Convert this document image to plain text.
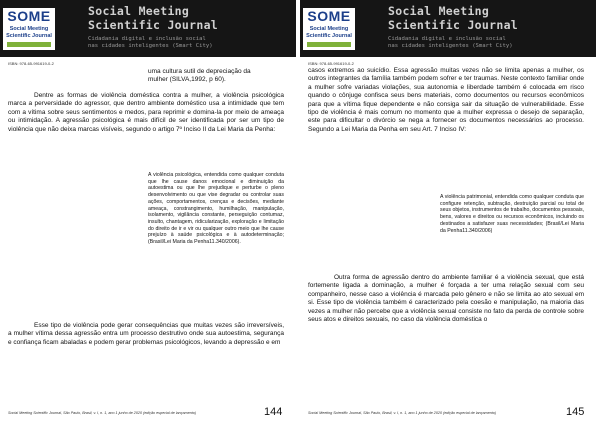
SOME
Social Meeting
Scientific Journal
Social Meeting
Scientific Journal
Cidadania digital e inclusão social
nas cidades inteligentes (Smart City)
ISBN: 978-65-991619-0-2
uma cultura sutil de depreciação da
mulher (SILVA,1992, p 60).

Dentre as formas de violência doméstica contra a mulher, a violência psicológica marca a perversidade do agressor, que dentro ambiente doméstico usa a intimidade que tem com a vítima sobre seus sentimentos e medos, para reprimir e domina-la por meio de ameaça ou intimidação. A agressão psicológica é mais difícil de ser identificada por ser um tipo de violência que não deixa marcas visíveis, segundo o artigo 7º Inciso II da Lei Maria da Penha:

A violência psicológica, entendida como qualquer conduta que lhe cause danos emocional e diminuição da autoestima ou que lhe prejudique e perturbe o pleno desenvolvimento ou que vise degradar ou controlar suas ações, comportamentos, crenças e decisões, mediante ameaça, constrangimento, humilhação, manipulação, isolamento, vigilância constante, perseguição contumaz, insulto, chantagem, ridicularização, exploração e limitação do direito de ir e vir ou qualquer outro meio que lhe cause prejuízo à saúde psicológica e à autodeterminação; (Brasil/Lei Maria da Penha11.340/2006).

Esse tipo de violência pode gerar consequências que muitas vezes são irreversíveis, a mulher vítima dessa agressão entra um processo destrutivo onde sua autoestima, segurança e confiança ficam abaladas e podem gerar problemas psicológicos, levando a depressão e em

Social Meeting Scientific Journal, São Paulo, Brasil, v. I, n. 1, ano 1 junho de 2020 (edição especial de lançamento)	144
SOME
Social Meeting
Scientific Journal
Social Meeting
Scientific Journal
Cidadania digital e inclusão social
nas cidades inteligentes (Smart City)
ISBN: 978-65-991619-0-2

casos extremos ao suicídio. Essa agressão muitas vezes não se limita apenas a mulher, os outros integrantes da família também podem sofrer e ter traumas. Neste contexto familiar onde a mulher sofre variadas violações, sua autonomia e liberdade também é colocada em risco quando o cônjuge confisca seus bens materiais, como documentos ou recursos econômicos para que a vítima fique dependente e não consiga sair da situação de vulnerabilidade. Esse tipo de violência é mais comum no momento que a mulher expressa o desejo de separação, este para dificultar o divórcio se nega a fornecer os documentos necessários ao processo. Segundo a Lei Maria da Penha em seu Art. 7 Inciso IV:

A violência patrimonial, entendida como qualquer conduta que configure retenção, subtração, destruição parcial ou total de seus objetos, instrumentos de trabalho, documentos pessoais, bens, valores e direitos ou recursos econômicos, incluindo os destinados a satisfazer suas necessidades; (Brasil/Lei Maria da Penha11.340/2006)

Outra forma de agressão dentro do ambiente familiar é a violência sexual, que está fortemente ligada a dominação, a mulher é forçada a ter uma relação sexual com seu companheiro, nesse caso a violência é marcada pelo gênero e não se limita ao ato sexual em si. Esse tipo de violência também é caracterizado pela coesão e manipulação, na maioria das vezes a mulher não percebe que a violência sexual consiste no fato da perda de controle sobre seus atos e direitos sexuais, no caso da violência doméstica o

Social Meeting Scientific Journal, São Paulo, Brasil, v. I, n. 1, ano 1 junho de 2020 (edição especial de lançamento)	145
